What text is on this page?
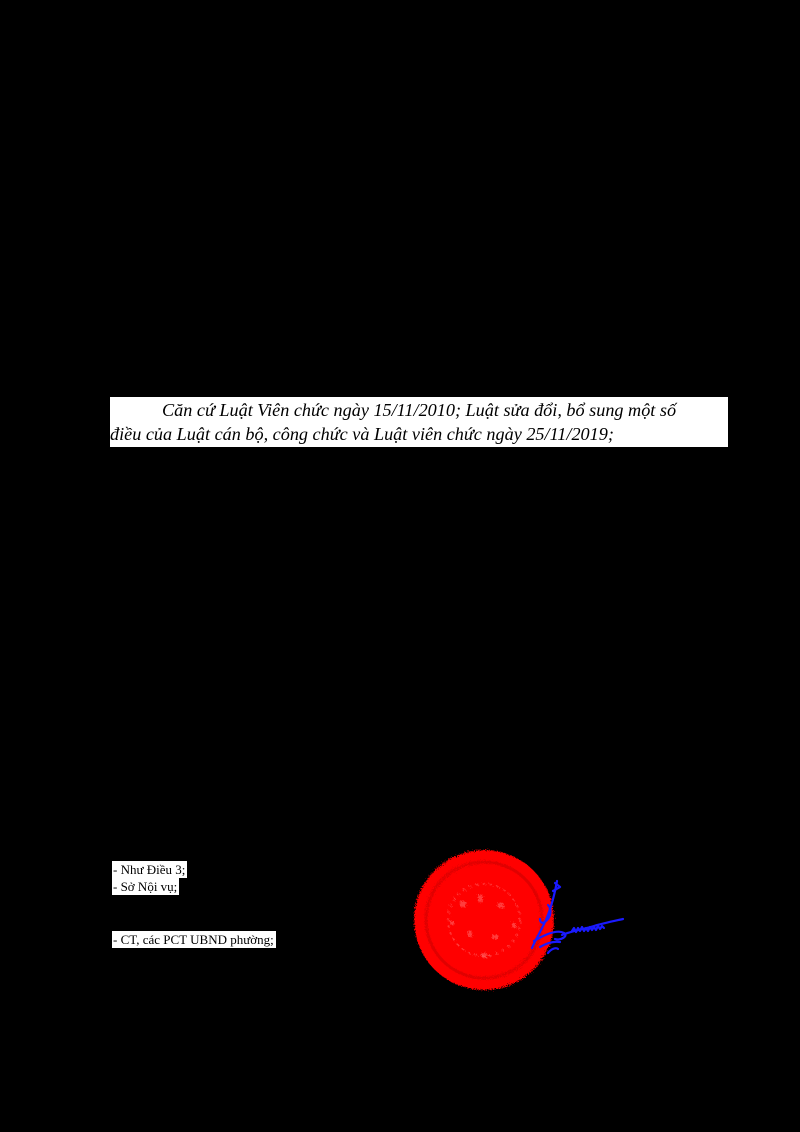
Căn cứ Luật Viên chức ngày 15/11/2010; Luật sửa đổi, bổ sung một số
điều của Luật cán bộ, công chức và Luật viên chức ngày 25/11/2019;
- Như Điều 3;
- Sở Nội vụ;
- CT, các PCT UBND phường;
